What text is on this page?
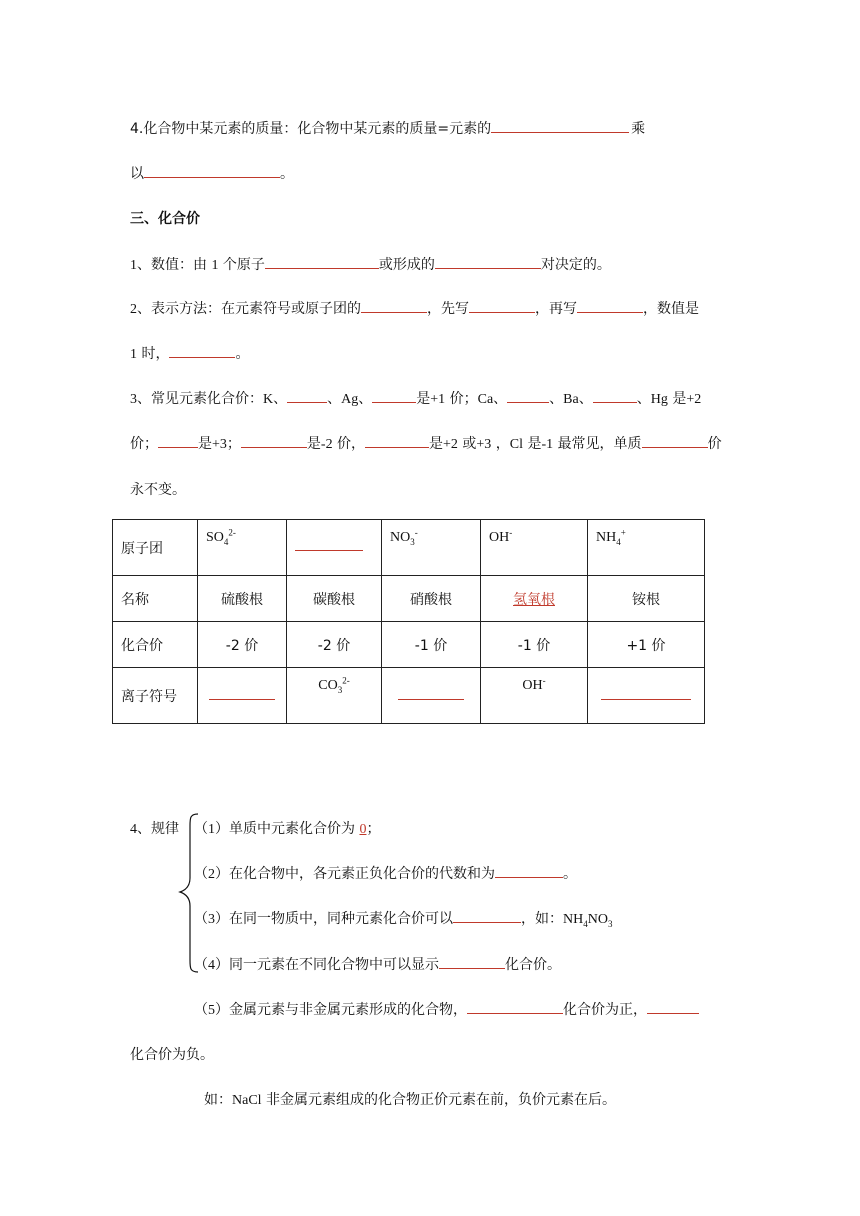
4.化合物中某元素的质量：化合物中某元素的质量=元素的	乘
以	。
三、化合价
1、数值：由 1 个原子	或形成的	对决定的。
2、表示方法：在元素符号或原子团的	，先写	，再写	，数值是
1 时，	。
3、常见元素化合价：K、	、Ag、	是+1 价；Ca、	、Ba、	、Hg 是+2
价；	是+3；	是-2 价，	是+2 或+3 ，Cl 是-1 最常见，单质	价
永不变。
原子团	$SO_4^{2-}$		$NO_3^-$	OH-	$NH_4^+$
名称	硫酸根	碳酸根	硝酸根	氢氧根	铵根
化合价	-2 价	-2 价	-1 价	-1 价	+1 价
离子符号		$CO_3^{2-}$		OH-	
4、规律 （1）单质中元素化合价为 0；
（2）在化合物中，各元素正负化合价的代数和为	。
（3）在同一物质中，同种元素化合价可以	，如：$NH_4NO_3$
（4）同一元素在不同化合物中可以显示	化合价。
（5）金属元素与非金属元素形成的化合物，	化合价为正，
化合价为负。
如：NaCl 非金属元素组成的化合物正价元素在前，负价元素在后。
